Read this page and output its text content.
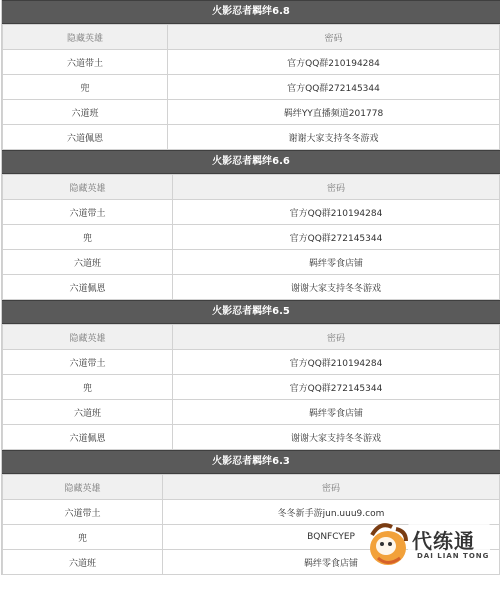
火影忍者羁绊6.8
隐藏英雄	密码
六道带土	官方QQ群210194284
兜	官方QQ群272145344
六道班	羁绊YY直播频道201778
六道佩恩	谢谢大家支持冬冬游戏
火影忍者羁绊6.6
隐藏英雄	密码
六道带土	官方QQ群210194284
兜	官方QQ群272145344
六道班	羁绊零食店铺
六道佩恩	谢谢大家支持冬冬游戏
火影忍者羁绊6.5
隐藏英雄	密码
六道带土	官方QQ群210194284
兜	官方QQ群272145344
六道班	羁绊零食店铺
六道佩恩	谢谢大家支持冬冬游戏
火影忍者羁绊6.3
隐藏英雄	密码
六道带土	冬冬新手游jun.uuu9.com
兜	BQNFCYEP
六道班	羁绊零食店铺
代练通
DAI LIAN TONG
